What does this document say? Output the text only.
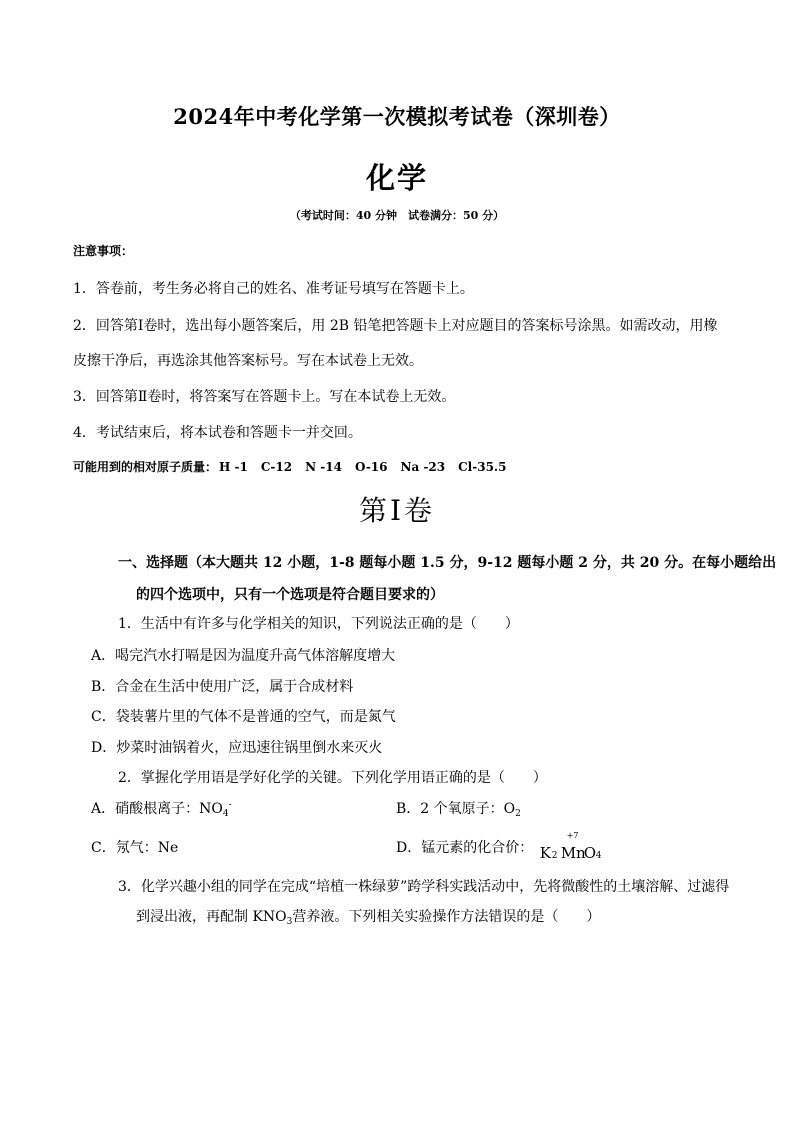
2024年中考化学第一次模拟考试卷（深圳卷）
化学
（考试时间：40 分钟　试卷满分：50 分）
注意事项：
1．答卷前，考生务必将自己的姓名、准考证号填写在答题卡上。
2．回答第Ⅰ卷时，选出每小题答案后，用 2B 铅笔把答题卡上对应题目的答案标号涂黑。如需改动，用橡
皮擦干净后，再选涂其他答案标号。写在本试卷上无效。
3．回答第Ⅱ卷时，将答案写在答题卡上。写在本试卷上无效。
4．考试结束后，将本试卷和答题卡一并交回。
可能用到的相对原子质量： H -1 C-12 N -14 O-16 Na -23 Cl-35.5
第Ⅰ卷
一、选择题（本大题共 12 小题，1-8 题每小题 1.5 分，9-12 题每小题 2 分，共 20 分。在每小题给出
的四个选项中，只有一个选项是符合题目要求的）
1．生活中有许多与化学相关的知识，下列说法正确的是（　　）
A．喝完汽水打嗝是因为温度升高气体溶解度增大
B．合金在生活中使用广泛，属于合成材料
C．袋装薯片里的气体不是普通的空气，而是氮气
D．炒菜时油锅着火，应迅速往锅里倒水来灭火
2．掌握化学用语是学好化学的关键。下列化学用语正确的是（　　）
A．硝酸根离子：$NO_4^-$	B．2 个氧原子：$O_2$
C．氖气：Ne	D．锰元素的化合价： K 2 Mn
+7
O 4
3．化学兴趣小组的同学在完成“培植一株绿萝”跨学科实践活动中，先将微酸性的土壤溶解、过滤得
到浸出液，再配制 $KNO_3$营养液。下列相关实验操作方法错误的是（　　）
